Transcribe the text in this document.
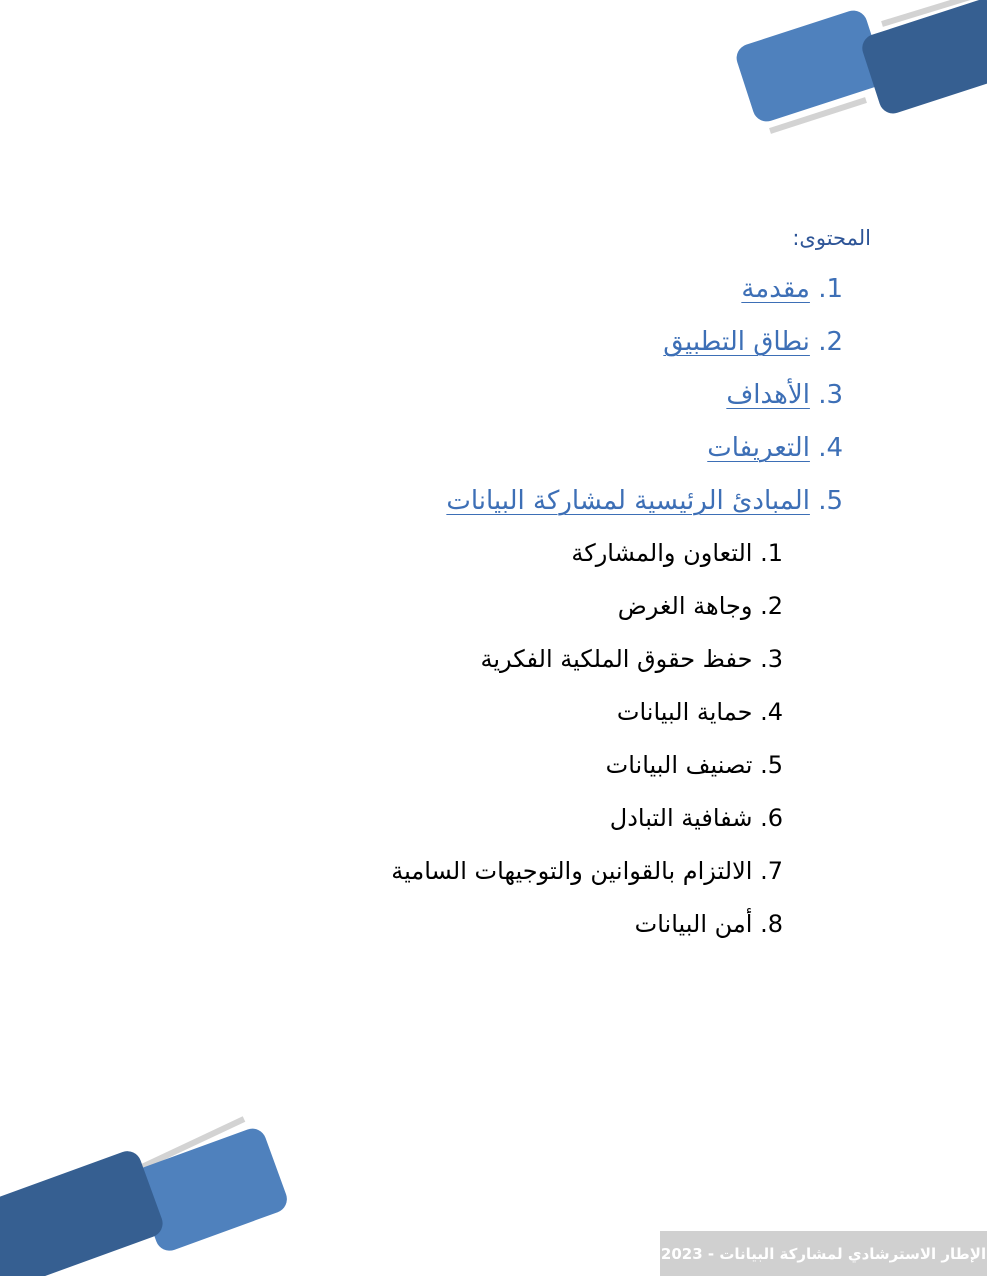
المحتوى:
1. مقدمة
2. نطاق التطبيق
3. الأهداف
4. التعريفات
5. المبادئ الرئيسية لمشاركة البيانات
1. التعاون والمشاركة
2. وجاهة الغرض
3. حفظ حقوق الملكية الفكرية
4. حماية البيانات
5. تصنيف البيانات
6. شفافية التبادل
7. الالتزام بالقوانين والتوجيهات السامية
8. أمن البيانات
الإطار الاسترشادي لمشاركة البيانات - 2023
